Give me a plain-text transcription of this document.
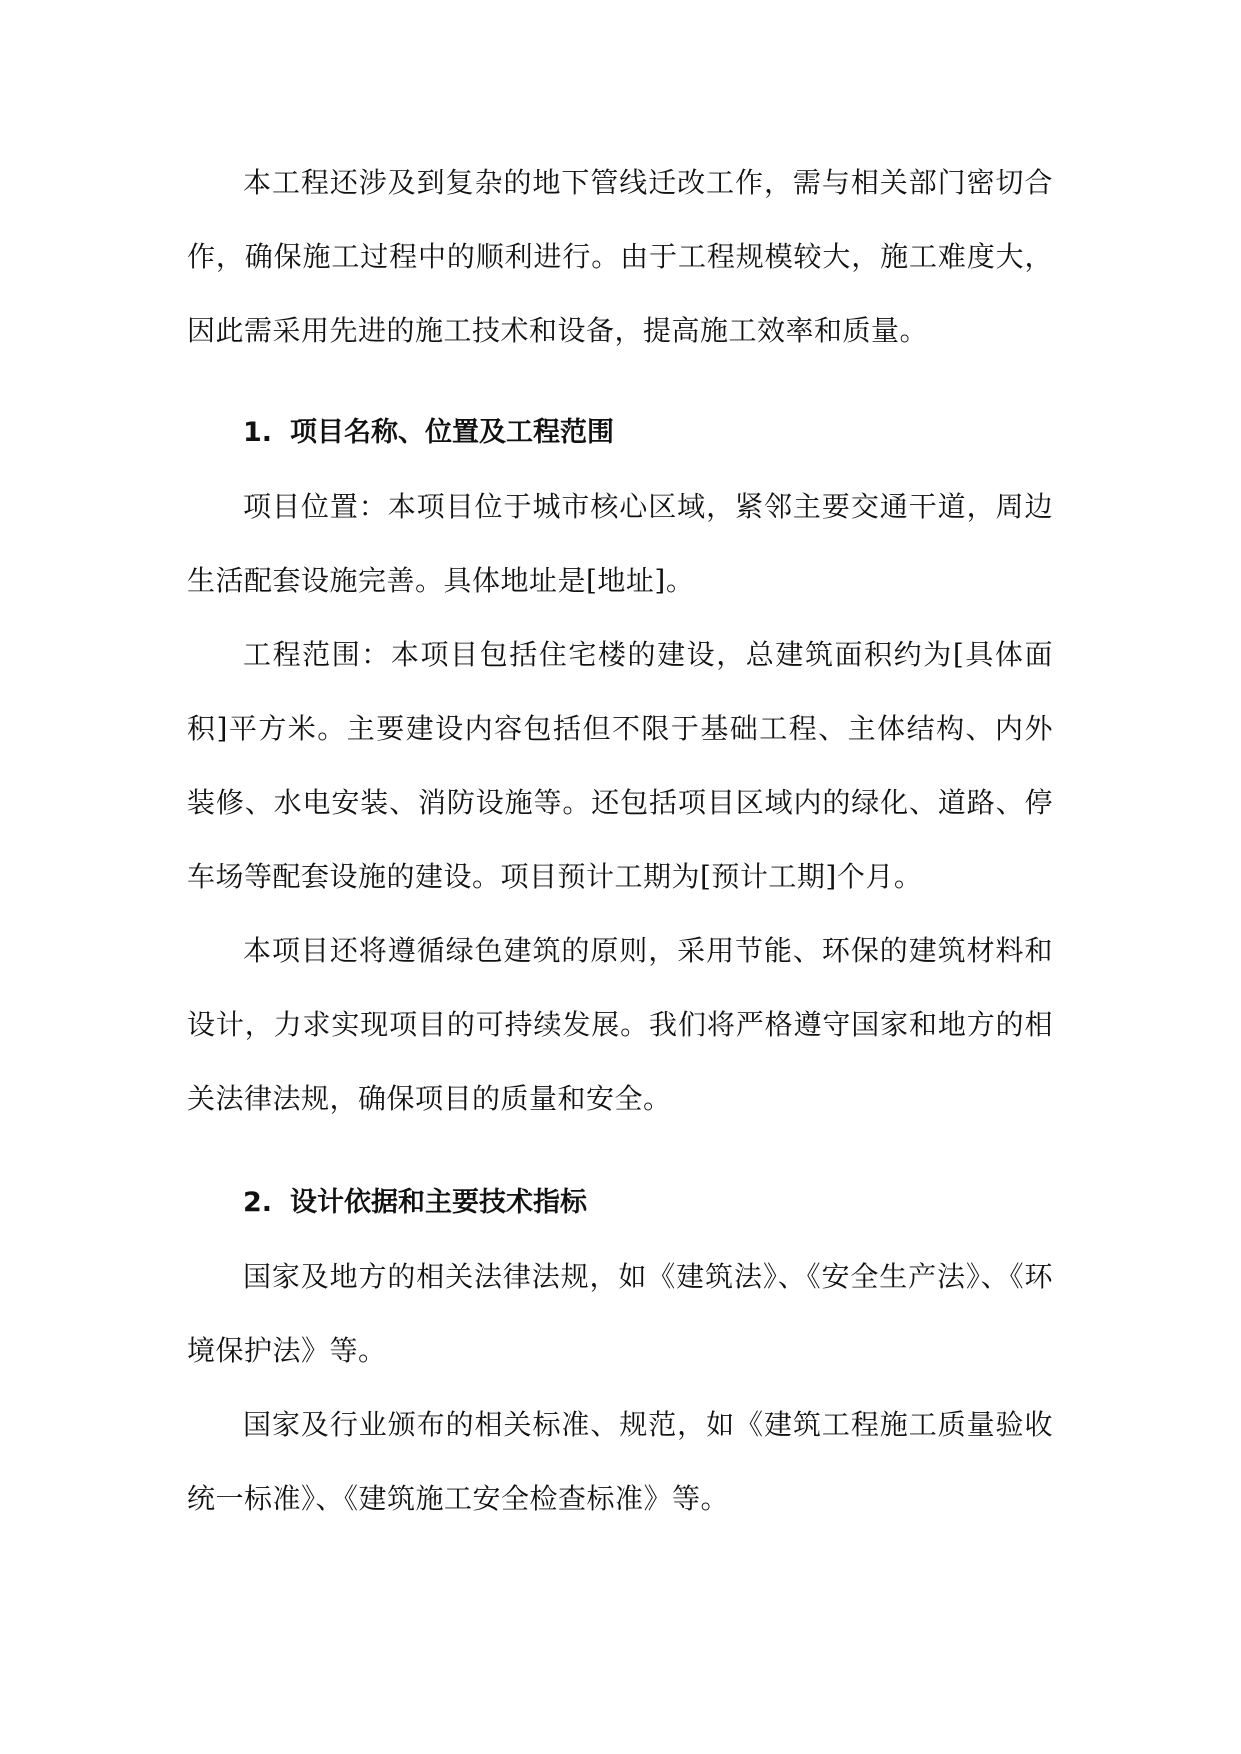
本工程还涉及到复杂的地下管线迁改工作，需与相关部门密切合作，确保施工过程中的顺利进行。由于工程规模较大，施工难度大，因此需采用先进的施工技术和设备，提高施工效率和质量。

1. 项目名称、位置及工程范围

项目位置：本项目位于城市核心区域，紧邻主要交通干道，周边生活配套设施完善。具体地址是[地址]。

工程范围：本项目包括住宅楼的建设，总建筑面积约为[具体面积]平方米。主要建设内容包括但不限于基础工程、主体结构、内外装修、水电安装、消防设施等。还包括项目区域内的绿化、道路、停车场等配套设施的建设。项目预计工期为[预计工期]个月。

本项目还将遵循绿色建筑的原则，采用节能、环保的建筑材料和设计，力求实现项目的可持续发展。我们将严格遵守国家和地方的相关法律法规，确保项目的质量和安全。

2. 设计依据和主要技术指标

国家及地方的相关法律法规，如《建筑法》、《安全生产法》、《环境保护法》等。

国家及行业颁布的相关标准、规范，如《建筑工程施工质量验收统一标准》、《建筑施工安全检查标准》等。
